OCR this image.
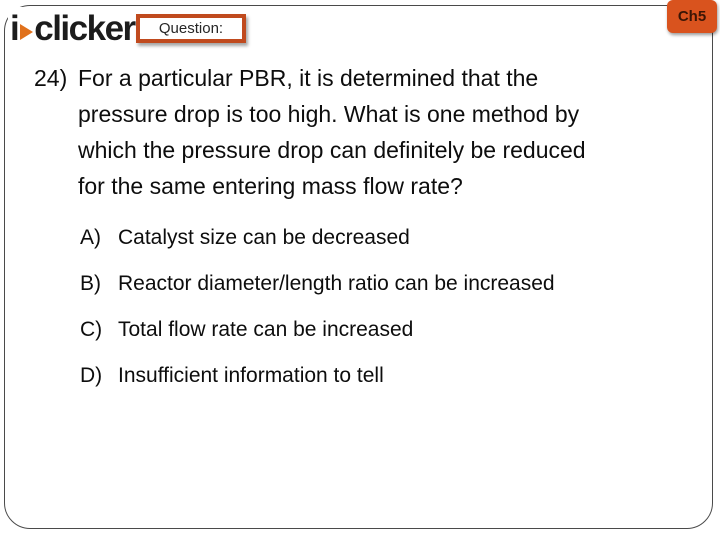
i clicker Question:
Ch5
24) For a particular PBR, it is determined that the
pressure drop is too high. What is one method by
which the pressure drop can definitely be reduced
for the same entering mass flow rate?
A) Catalyst size can be decreased
B) Reactor diameter/length ratio can be increased
C) Total flow rate can be increased
D) Insufficient information to tell
